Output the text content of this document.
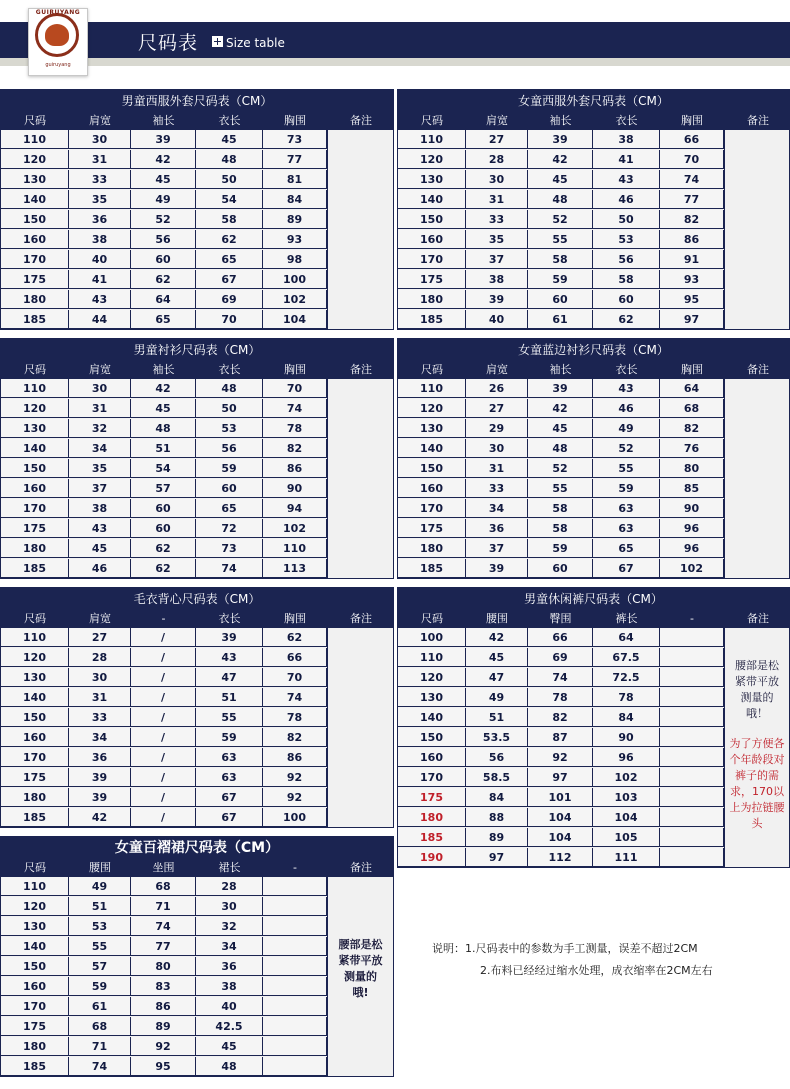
GUIRUYANG
guiruyang
尺码表 Size table
男童西服外套尺码表（CM）
尺码	肩宽	袖长	衣长	胸围	备注
110	30	39	45	73
120	31	42	48	77
130	33	45	50	81
140	35	49	54	84
150	36	52	58	89
160	38	56	62	93
170	40	60	65	98
175	41	62	67	100
180	43	64	69	102
185	44	65	70	104
女童西服外套尺码表（CM）
尺码	肩宽	袖长	衣长	胸围	备注
110	27	39	38	66
120	28	42	41	70
130	30	45	43	74
140	31	48	46	77
150	33	52	50	82
160	35	55	53	86
170	37	58	56	91
175	38	59	58	93
180	39	60	60	95
185	40	61	62	97
男童衬衫尺码表（CM）
尺码	肩宽	袖长	衣长	胸围	备注
110	30	42	48	70
120	31	45	50	74
130	32	48	53	78
140	34	51	56	82
150	35	54	59	86
160	37	57	60	90
170	38	60	65	94
175	43	60	72	102
180	45	62	73	110
185	46	62	74	113
女童蓝边衬衫尺码表（CM）
尺码	肩宽	袖长	衣长	胸围	备注
110	26	39	43	64
120	27	42	46	68
130	29	45	49	82
140	30	48	52	76
150	31	52	55	80
160	33	55	59	85
170	34	58	63	90
175	36	58	63	96
180	37	59	65	96
185	39	60	67	102
毛衣背心尺码表（CM）
尺码	肩宽	-	衣长	胸围	备注
110	27	/	39	62
120	28	/	43	66
130	30	/	47	70
140	31	/	51	74
150	33	/	55	78
160	34	/	59	82
170	36	/	63	86
175	39	/	63	92
180	39	/	67	92
185	42	/	67	100
男童休闲裤尺码表（CM）
尺码	腰围	臀围	裤长	-	备注
100	42	66	64
110	45	69	67.5
120	47	74	72.5
130	49	78	78
140	51	82	84
150	53.5	87	90
160	56	92	96
170	58.5	97	102
175	84	101	103
180	88	104	104
185	89	104	105
190	97	112	111
腰部是松紧带平放测量的哦！
为了方便各个年龄段对裤子的需求，170以上为拉链腰头
女童百褶裙尺码表（CM）
尺码	腰围	坐围	裙长	-	备注
110	49	68	28
120	51	71	30
130	53	74	32
140	55	77	34
150	57	80	36
160	59	83	38
170	61	86	40
175	68	89	42.5
180	71	92	45
185	74	95	48
腰部是松紧带平放测量的哦!
说明：1.尺码表中的参数为手工测量，误差不超过2CM
2.布料已经经过缩水处理，成衣缩率在2CM左右
